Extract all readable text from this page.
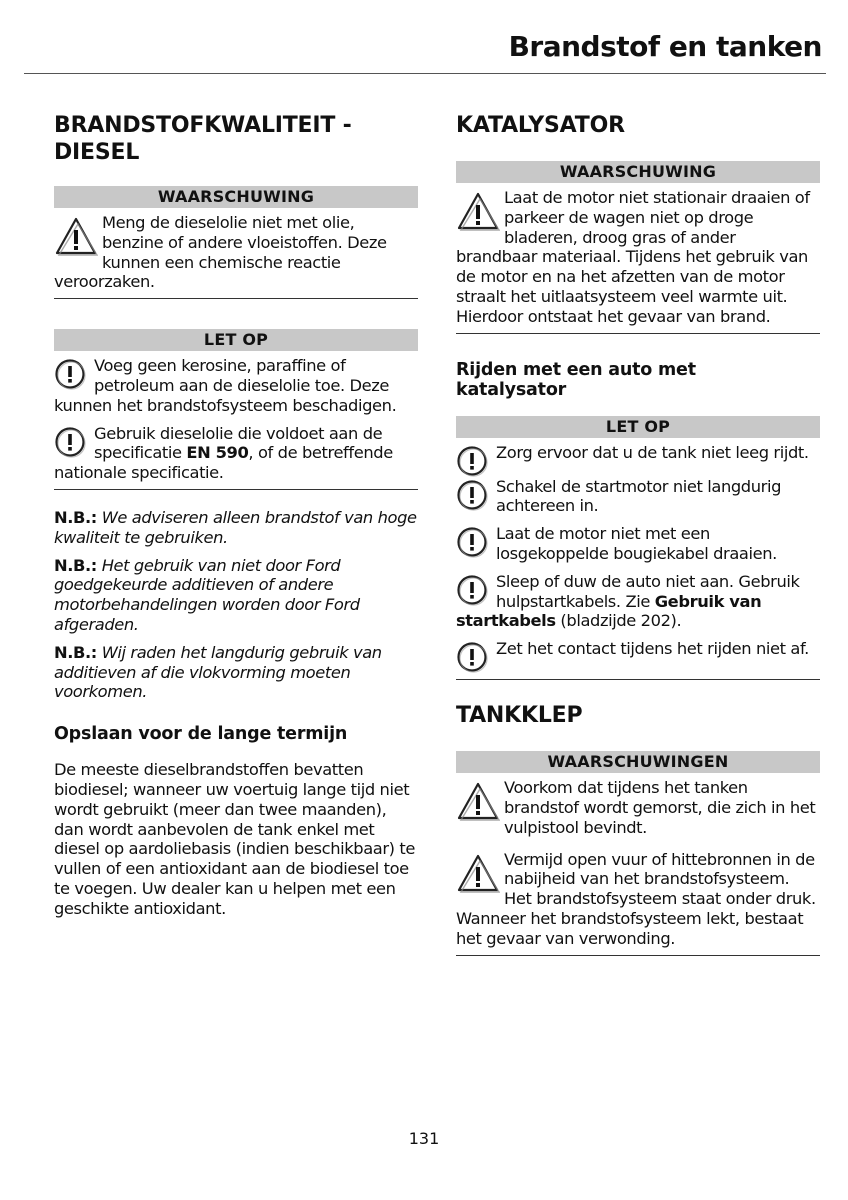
Brandstof en tanken
BRANDSTOFKWALITEIT -
DIESEL
WAARSCHUWING

Meng de dieselolie niet met olie, benzine of andere vloeistoffen. Deze kunnen een chemische reactie veroorzaken.

LET OP

Voeg geen kerosine, paraffine of petroleum aan de dieselolie toe. Deze kunnen het brandstofsysteem beschadigen.

Gebruik dieselolie die voldoet aan de specificatie EN 590, of de betreffende nationale specificatie.

N.B.: We adviseren alleen brandstof van hoge kwaliteit te gebruiken.

N.B.: Het gebruik van niet door Ford goedgekeurde additieven of andere motorbehandelingen worden door Ford afgeraden.

N.B.: Wij raden het langdurig gebruik van additieven af die vlokvorming moeten voorkomen.

Opslaan voor de lange termijn

De meeste dieselbrandstoffen bevatten biodiesel; wanneer uw voertuig lange tijd niet wordt gebruikt (meer dan twee maanden), dan wordt aanbevolen de tank enkel met diesel op aardoliebasis (indien beschikbaar) te vullen of een antioxidant aan de biodiesel toe te voegen. Uw dealer kan u helpen met een geschikte antioxidant.

KATALYSATOR
WAARSCHUWING

Laat de motor niet stationair draaien of parkeer de wagen niet op droge bladeren, droog gras of ander brandbaar materiaal. Tijdens het gebruik van de motor en na het afzetten van de motor straalt het uitlaatsysteem veel warmte uit. Hierdoor ontstaat het gevaar van brand.

Rijden met een auto met
katalysator
LET OP

Zorg ervoor dat u de tank niet leeg rijdt.

Schakel de startmotor niet langdurig achtereen in.

Laat de motor niet met een losgekoppelde bougiekabel draaien.

Sleep of duw de auto niet aan. Gebruik hulpstartkabels. Zie Gebruik van startkabels (bladzijde 202).

Zet het contact tijdens het rijden niet af.

TANKKLEP
WAARSCHUWINGEN

Voorkom dat tijdens het tanken brandstof wordt gemorst, die zich in het vulpistool bevindt.

Vermijd open vuur of hittebronnen in de nabijheid van het brandstofsysteem. Het brandstofsysteem staat onder druk. Wanneer het brandstofsysteem lekt, bestaat het gevaar van verwonding.

131
